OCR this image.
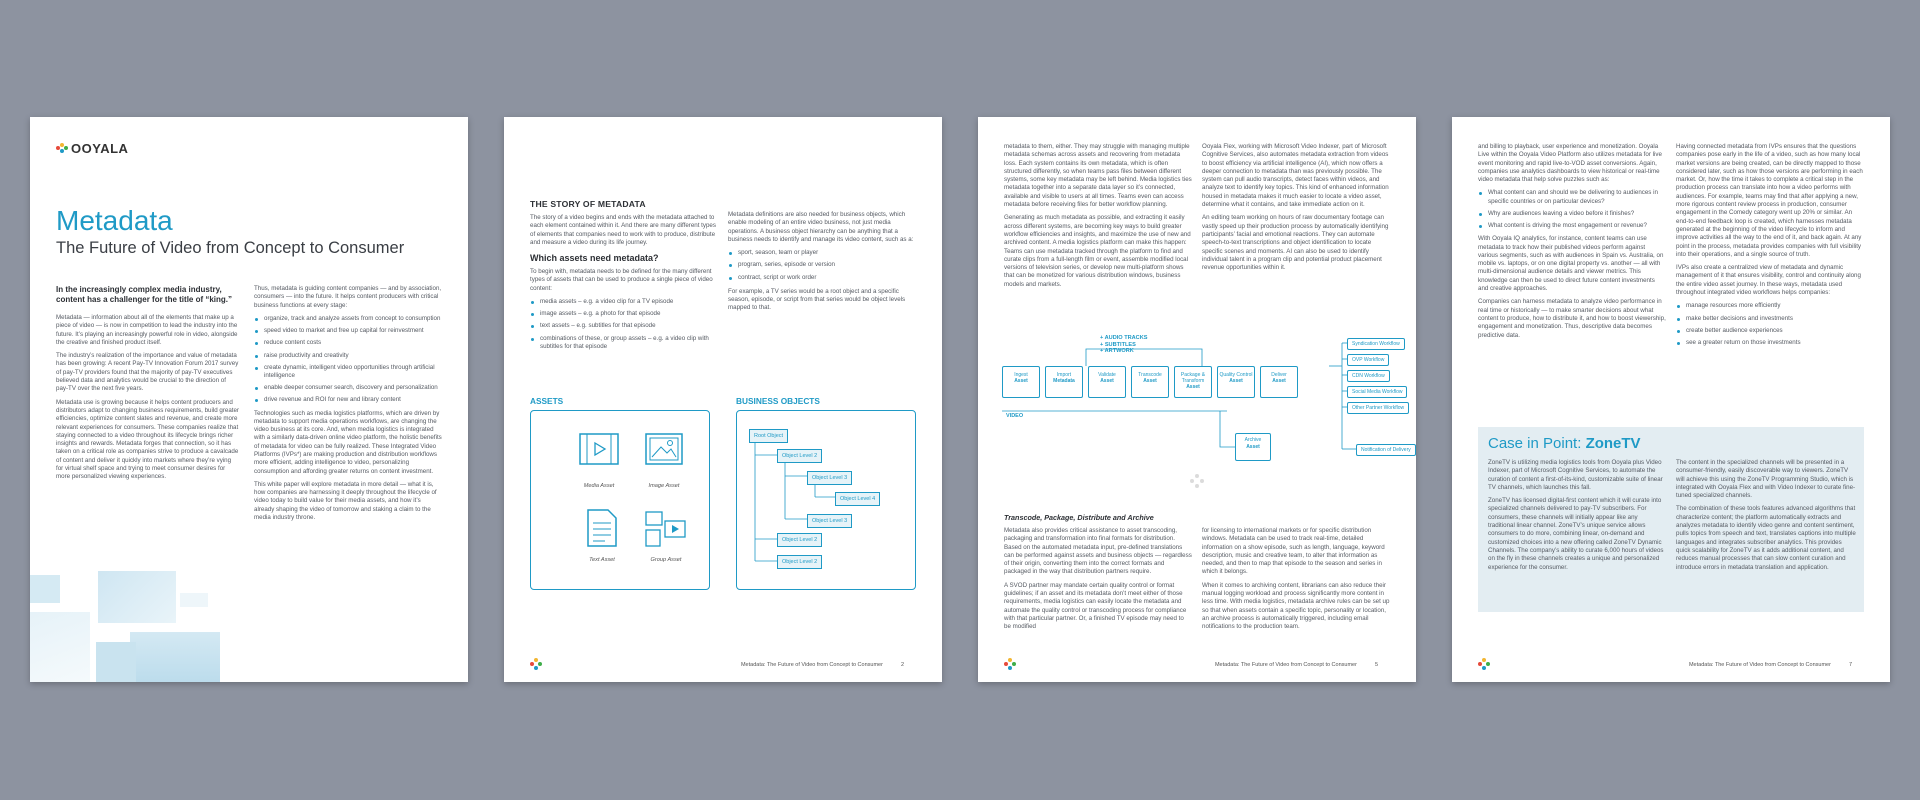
OOYALA
Metadata
The Future of Video from Concept to Consumer

In the increasingly complex media industry, content has a challenger for the title of “king.”

Metadata — information about all of the elements that make up a piece of video — is now in competition to lead the industry into the future. It’s playing an increasingly powerful role in video, alongside the creative and finished product itself.

The industry’s realization of the importance and value of metadata has been growing: A recent Pay-TV Innovation Forum 2017 survey of pay-TV providers found that the majority of pay-TV executives believed data and analytics would be crucial to the direction of pay-TV over the next five years.

Metadata use is growing because it helps content producers and distributors adapt to changing business requirements, build greater efficiencies, optimize content slates and revenue, and create more relevant experiences for consumers. These companies realize that staying connected to a video throughout its lifecycle brings richer insights and rewards. Metadata forges that connection, so it has taken on a critical role as companies strive to produce a cavalcade of content and deliver it quickly into markets where they’re vying for virtual shelf space and trying to meet consumer desires for more personalized viewing experiences.

Thus, metadata is guiding content companies — and by association, consumers — into the future. It helps content producers with critical business functions at every stage:

organize, track and analyze assets from concept to consumption
speed video to market and free up capital for reinvestment
reduce content costs
raise productivity and creativity
create dynamic, intelligent video opportunities through artificial intelligence
enable deeper consumer search, discovery and personalization
drive revenue and ROI for new and library content

Technologies such as media logistics platforms, which are driven by metadata to support media operations workflows, are changing the video business at its core. And, when media logistics is integrated with a similarly data-driven online video platform, the holistic benefits of metadata for video can be fully realized. These Integrated Video Platforms (IVPs*) are making production and distribution workflows more efficient, adding intelligence to video, personalizing consumption and affording greater returns on content investment.

This white paper will explore metadata in more detail — what it is, how companies are harnessing it deeply throughout the lifecycle of video today to build value for their media assets, and how it’s already shaping the video of tomorrow and staking a claim to the media industry throne.

THE STORY OF METADATA

The story of a video begins and ends with the metadata attached to each element contained within it. And there are many different types of elements that companies need to work with to produce, distribute and measure a video during its life journey.

Which assets need metadata?

To begin with, metadata needs to be defined for the many different types of assets that can be used to produce a single piece of video content:

media assets – e.g. a video clip for a TV episode
image assets – e.g. a photo for that episode
text assets – e.g. subtitles for that episode
combinations of these, or group assets – e.g. a video clip with subtitles for that episode

Metadata definitions are also needed for business objects, which enable modeling of an entire video business, not just media operations. A business object hierarchy can be anything that a business needs to identify and manage its video content, such as a:

sport, season, team or player
program, series, episode or version
contract, script or work order

For example, a TV series would be a root object and a specific season, episode, or script from that series would be object levels mapped to that.

ASSETS	BUSINESS OBJECTS
Media Asset	Image Asset
Text Asset	Group Asset
Root Object
Object Level 2
Object Level 3
Object Level 4
Object Level 3
Object Level 2
Object Level 2
Metadata: The Future of Video from Concept to Consumer	2

metadata to them, either. They may struggle with managing multiple metadata schemas across assets and recovering from metadata loss. Each system contains its own metadata, which is often structured differently, so when teams pass files between different systems, some key metadata may be left behind. Media logistics ties metadata together into a separate data layer so it’s connected, available and visible to users at all times. Teams even can access metadata before receiving files for better workflow planning.

Generating as much metadata as possible, and extracting it easily across different systems, are becoming key ways to build greater workflow efficiencies and insights, and maximize the use of new and archived content. A media logistics platform can make this happen: Teams can use metadata tracked through the platform to find and curate clips from a full-length film or event, assemble modified local versions of television series, or develop new multi-platform shows that can be monetized for various distribution windows, business models and markets.

Ooyala Flex, working with Microsoft Video Indexer, part of Microsoft Cognitive Services, also automates metadata extraction from videos to boost efficiency via artificial intelligence (AI), which now offers a deeper connection to metadata than was previously possible. The system can pull audio transcripts, detect faces within videos, and analyze text to identify key topics. This kind of enhanced information housed in metadata makes it much easier to locate a video asset, determine what it contains, and take immediate action on it.

An editing team working on hours of raw documentary footage can vastly speed up their production process by automatically identifying participants’ facial and emotional reactions. They can automate speech-to-text transcriptions and object identification to locate specific scenes and moments. AI can also be used to identify individual talent in a program clip and potential product placement revenue opportunities within it.

+ AUDIO TRACKS
+ SUBTITLES
+ ARTWORK
Ingest
Asset
Import
Metadata
Validate
Asset
Transcode
Asset
Package & Transform
Asset
Quality Control
Asset
Deliver
Asset
VIDEO
Archive
Asset
Syndication Workflow
OVP Workflow
CDN Workflow
Social Media Workflow
Other Partner Workflow
Notification of Delivery
Transcode, Package, Distribute and Archive

Metadata also provides critical assistance to asset transcoding, packaging and transformation into final formats for distribution. Based on the automated metadata input, pre-defined translations can be performed against assets and business objects — regardless of their origin, converting them into the correct formats and packaged in the way that distribution partners require.

A SVOD partner may mandate certain quality control or format guidelines; if an asset and its metadata don’t meet either of those requirements, media logistics can easily locate the metadata and automate the quality control or transcoding process for compliance with that particular partner. Or, a finished TV episode may need to be modified

for licensing to international markets or for specific distribution windows. Metadata can be used to track real-time, detailed information on a show episode, such as length, language, keyword description, music and creative team, to alter that information as needed, and then to map that episode to the season and series in which it belongs.

When it comes to archiving content, librarians can also reduce their manual logging workload and process significantly more content in less time. With media logistics, metadata archive rules can be set up so that when assets contain a specific topic, personality or location, an archive process is automatically triggered, including email notifications to the production team.

Metadata: The Future of Video from Concept to Consumer	5

and billing to playback, user experience and monetization. Ooyala Live within the Ooyala Video Platform also utilizes metadata for live event monitoring and rapid live-to-VOD asset conversions. Again, companies use analytics dashboards to view historical or real-time video metadata that help solve puzzles such as:

What content can and should we be delivering to audiences in specific countries or on particular devices?
Why are audiences leaving a video before it finishes?
What content is driving the most engagement or revenue?

With Ooyala IQ analytics, for instance, content teams can use metadata to track how their published videos perform against various segments, such as with audiences in Spain vs. Australia, on mobile vs. laptops, or on one digital property vs. another — all with multi-dimensional audience details and viewer metrics. This knowledge can then be used to direct future content investments and creative approaches.

Companies can harness metadata to analyze video performance in real time or historically — to make smarter decisions about what content to produce, how to distribute it, and how to boost viewership, engagement and monetization. Thus, descriptive data becomes predictive data.

Having connected metadata from IVPs ensures that the questions companies pose early in the life of a video, such as how many local market versions are being created, can be directly mapped to those considered later, such as how those versions are performing in each market. Or, how the time it takes to complete a critical step in the production process can translate into how a video performs with audiences. For example, teams may find that after applying a new, more rigorous content review process in production, consumer engagement in the Comedy category went up 20% or similar. An end-to-end feedback loop is created, which harnesses metadata generated at the beginning of the video lifecycle to inform and improve activities all the way to the end of it, and back again. At any point in the process, metadata provides companies with full visibility into their operations, and a single source of truth.

IVPs also create a centralized view of metadata and dynamic management of it that ensures visibility, control and continuity along the entire video asset journey. In these ways, metadata used throughout integrated video workflows helps companies:

manage resources more efficiently
make better decisions and investments
create better audience experiences
see a greater return on those investments
Case in Point: ZoneTV

ZoneTV is utilizing media logistics tools from Ooyala plus Video Indexer, part of Microsoft Cognitive Services, to automate the curation of content a first-of-its-kind, customizable suite of linear TV channels, which launches this fall.

ZoneTV has licensed digital-first content which it will curate into specialized channels delivered to pay-TV subscribers. For consumers, these channels will initially appear like any traditional linear channel. ZoneTV’s unique service allows consumers to do more, combining linear, on-demand and customized choices into a new offering called ZoneTV Dynamic Channels. The company’s ability to curate 6,000 hours of videos on the fly in these channels creates a unique and personalized experience for the consumer.

The content in the specialized channels will be presented in a consumer-friendly, easily discoverable way to viewers. ZoneTV will achieve this using the ZoneTV Programming Studio, which is integrated with Ooyala Flex and with Video Indexer to curate fine-tuned specialized channels.

The combination of these tools features advanced algorithms that characterize content; the platform automatically extracts and analyzes metadata to identify video genre and content sentiment, pulls topics from speech and text, translates captions into multiple languages and integrates subscriber analytics. This provides quick scalability for ZoneTV as it adds additional content, and reduces manual processes that can slow content curation and introduce errors in metadata translation and application.

Metadata: The Future of Video from Concept to Consumer	7
